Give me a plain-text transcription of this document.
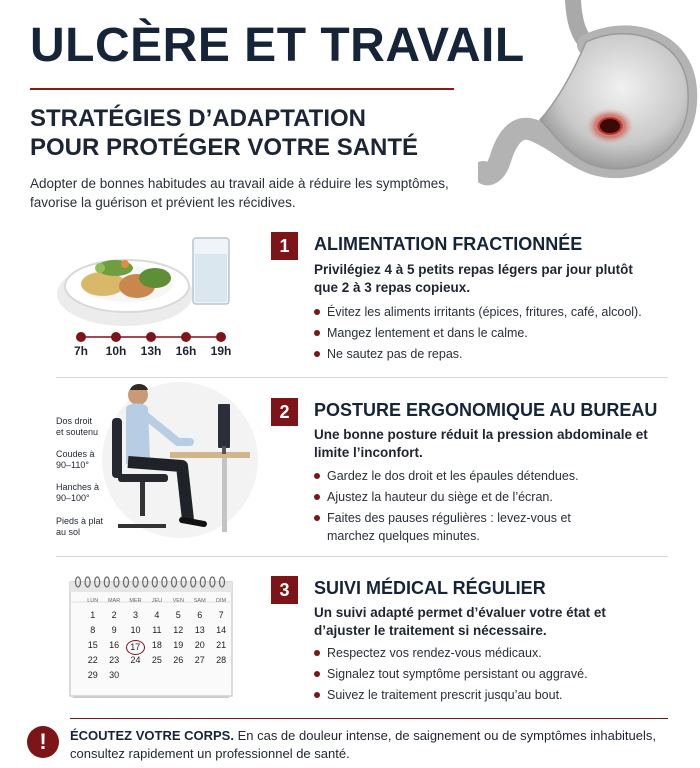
ULCÈRE ET TRAVAIL
STRATÉGIES D’ADAPTATION
POUR PROTÉGER VOTRE SANTÉ

Adopter de bonnes habitudes au travail aide à réduire les symptômes, favorise la guérison et prévient les récidives.

7h	10h	13h	16h	19h
1	ALIMENTATION FRACTIONNÉE
Privilégiez 4 à 5 petits repas légers par jour plutôt que 2 à 3 repas copieux.
Évitez les aliments irritants (épices, fritures, café, alcool).
Mangez lentement et dans le calme.
Ne sautez pas de repas.
Dos droit
et soutenu
Coudes à
90–110°
Hanches à
90–100°
Pieds à plat
au sol
2	POSTURE ERGONOMIQUE AU BUREAU
Une bonne posture réduit la pression abdominale et limite l’inconfort.
Gardez le dos droit et les épaules détendues.
Ajustez la hauteur du siège et de l’écran.
Faites des pauses régulières : levez-vous et marchez quelques minutes.
LUN	MAR	MER	JEU	VEN	SAM	DIM
1	2	3	4	5	6	7
8	9	10	11	12	13	14
15	16	17	18	19	20	21
22	23	24	25	26	27	28
29	30
3	SUIVI MÉDICAL RÉGULIER
Un suivi adapté permet d’évaluer votre état et d’ajuster le traitement si nécessaire.
Respectez vos rendez-vous médicaux.
Signalez tout symptôme persistant ou aggravé.
Suivez le traitement prescrit jusqu’au bout.
!	ÉCOUTEZ VOTRE CORPS. En cas de douleur intense, de saignement ou de symptômes inhabituels, consultez rapidement un professionnel de santé.
